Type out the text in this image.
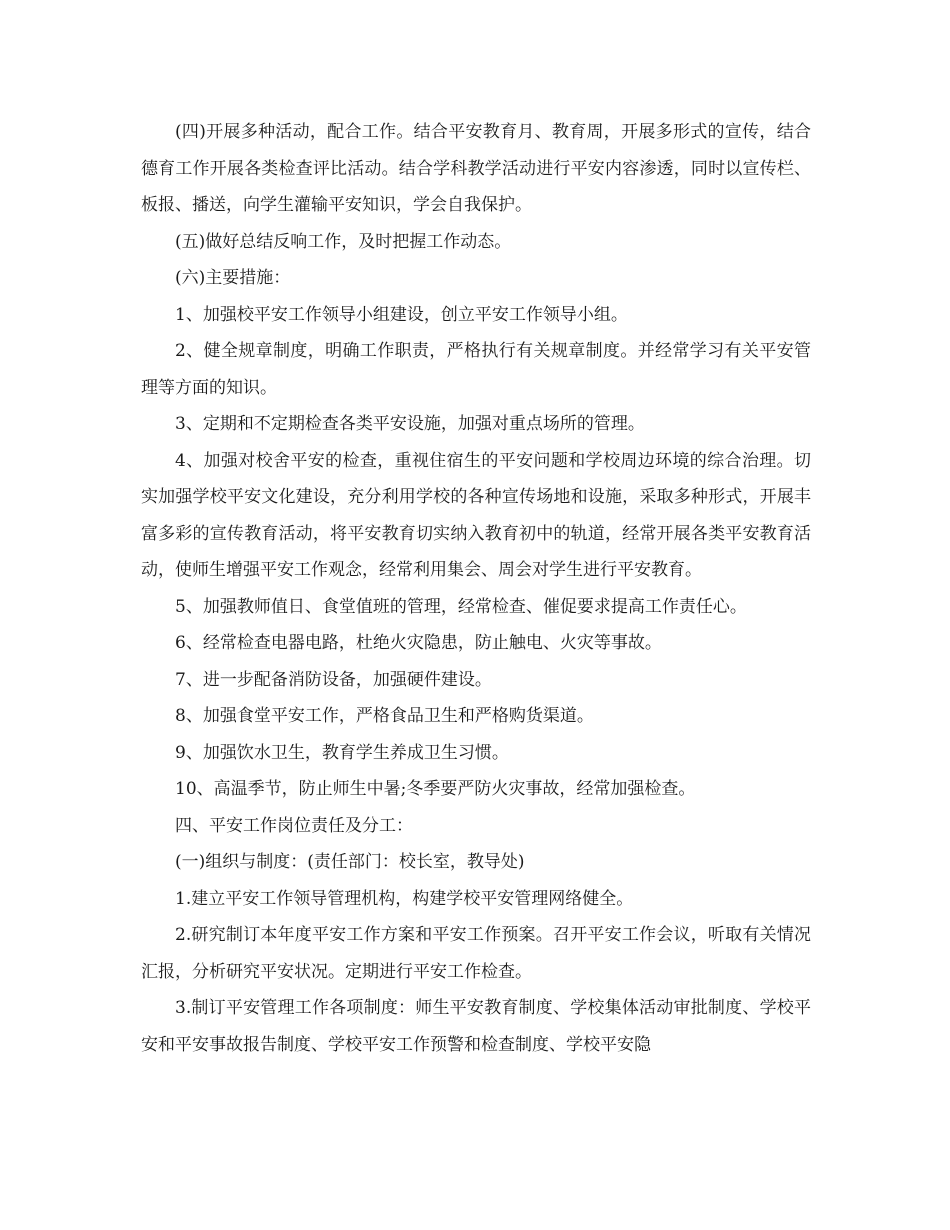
(四)开展多种活动，配合工作。结合平安教育月、教育周，开展多形式的宣传，结合德育工作开展各类检查评比活动。结合学科教学活动进行平安内容渗透，同时以宣传栏、板报、播送，向学生灌输平安知识，学会自我保护。

(五)做好总结反响工作，及时把握工作动态。

(六)主要措施：

1、加强校平安工作领导小组建设，创立平安工作领导小组。

2、健全规章制度，明确工作职责，严格执行有关规章制度。并经常学习有关平安管理等方面的知识。

3、定期和不定期检查各类平安设施，加强对重点场所的管理。

4、加强对校舍平安的检查，重视住宿生的平安问题和学校周边环境的综合治理。切实加强学校平安文化建设，充分利用学校的各种宣传场地和设施，采取多种形式，开展丰富多彩的宣传教育活动，将平安教育切实纳入教育初中的轨道，经常开展各类平安教育活动，使师生增强平安工作观念，经常利用集会、周会对学生进行平安教育。

5、加强教师值日、食堂值班的管理，经常检查、催促要求提高工作责任心。

6、经常检查电器电路，杜绝火灾隐患，防止触电、火灾等事故。

7、进一步配备消防设备，加强硬件建设。

8、加强食堂平安工作，严格食品卫生和严格购货渠道。

9、加强饮水卫生，教育学生养成卫生习惯。

10、高温季节，防止师生中暑;冬季要严防火灾事故，经常加强检查。

四、平安工作岗位责任及分工：

(一)组织与制度：(责任部门：校长室，教导处)

1.建立平安工作领导管理机构，构建学校平安管理网络健全。

2.研究制订本年度平安工作方案和平安工作预案。召开平安工作会议，听取有关情况汇报，分析研究平安状况。定期进行平安工作检查。

3.制订平安管理工作各项制度：师生平安教育制度、学校集体活动审批制度、学校平安和平安事故报告制度、学校平安工作预警和检查制度、学校平安隐
